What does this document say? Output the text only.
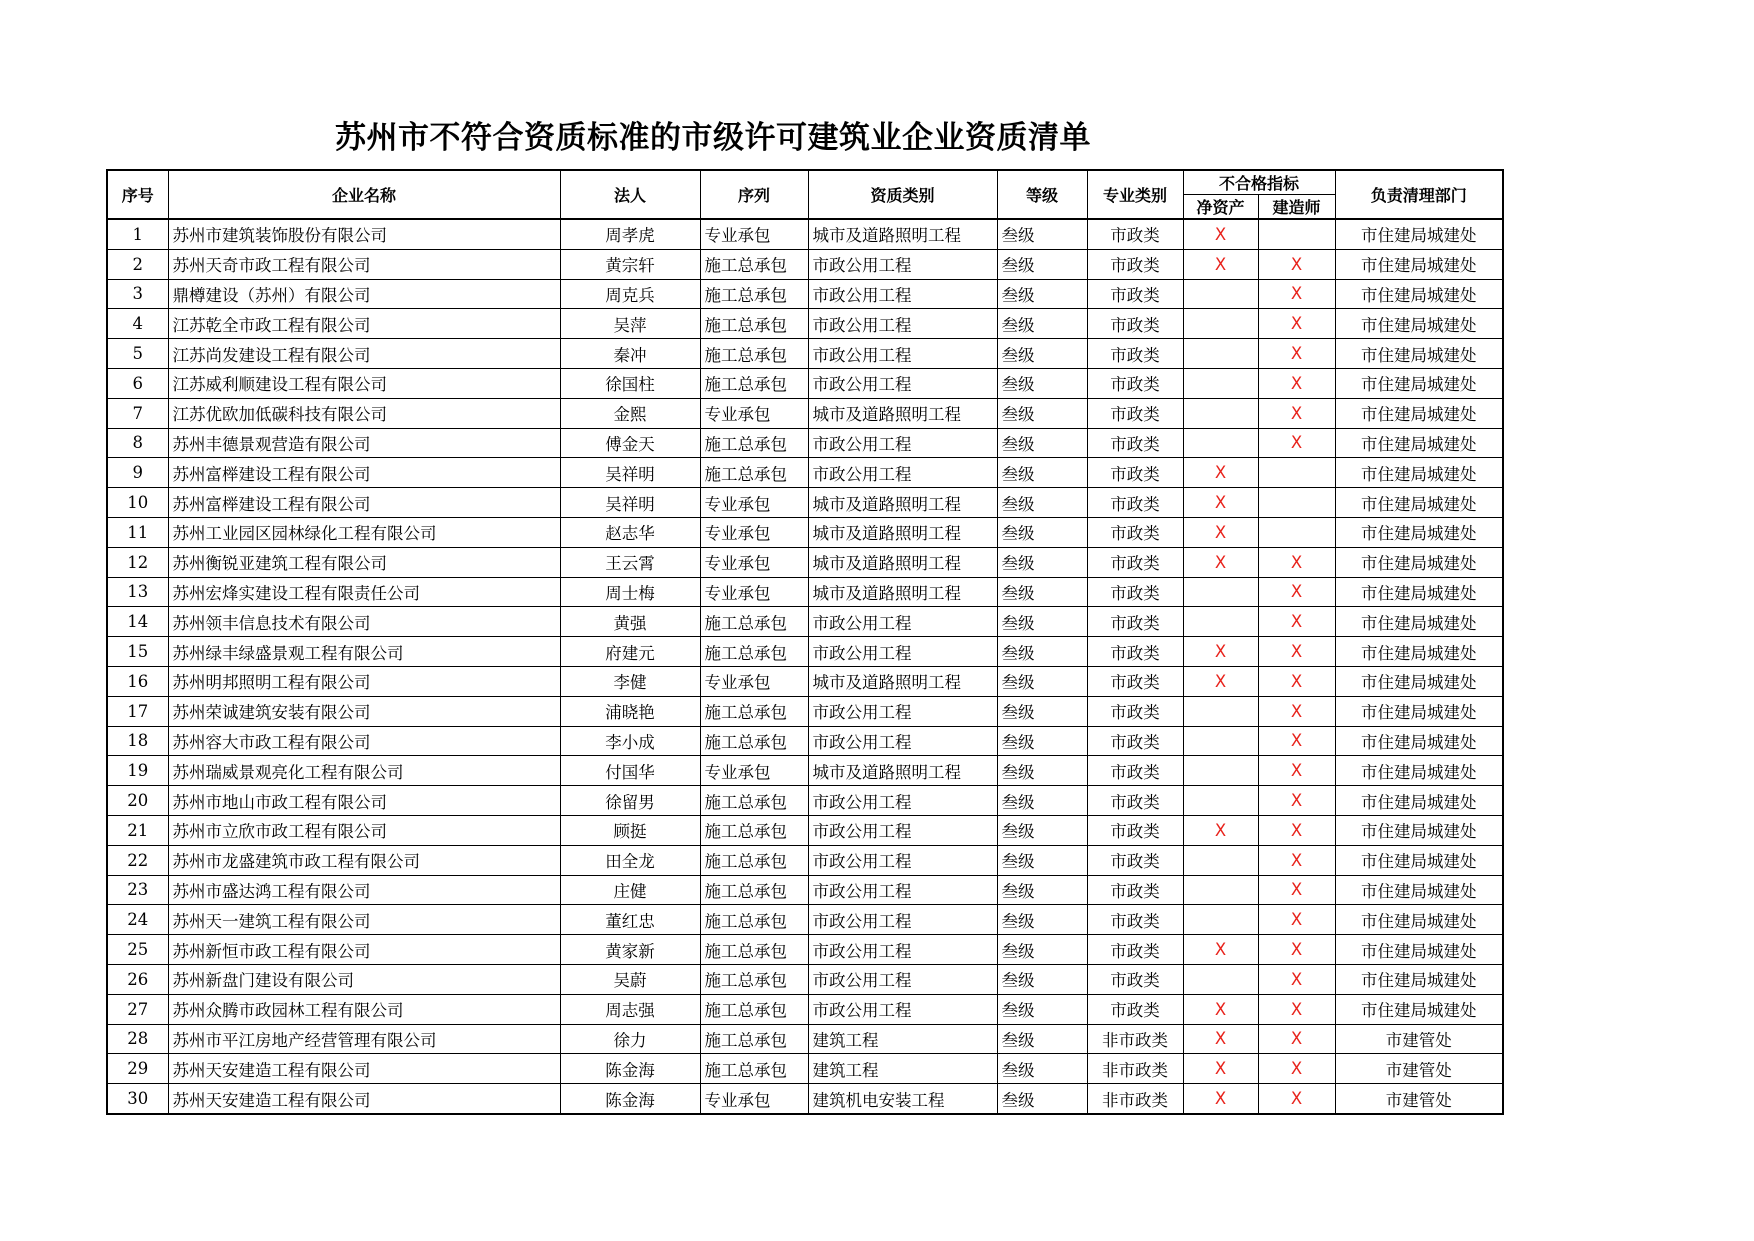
苏州市不符合资质标准的市级许可建筑业企业资质清单
序号	企业名称	法人	序列	资质类别	等级	专业类别	不合格指标		负责清理部门
							净资产	建造师	
1	苏州市建筑装饰股份有限公司	周孝虎	专业承包	城市及道路照明工程	叁级	市政类	X		市住建局城建处
2	苏州天奇市政工程有限公司	黄宗轩	施工总承包	市政公用工程	叁级	市政类	X	X	市住建局城建处
3	鼎樽建设（苏州）有限公司	周克兵	施工总承包	市政公用工程	叁级	市政类		X	市住建局城建处
4	江苏乾全市政工程有限公司	吴萍	施工总承包	市政公用工程	叁级	市政类		X	市住建局城建处
5	江苏尚发建设工程有限公司	秦冲	施工总承包	市政公用工程	叁级	市政类		X	市住建局城建处
6	江苏威利顺建设工程有限公司	徐国柱	施工总承包	市政公用工程	叁级	市政类		X	市住建局城建处
7	江苏优欧加低碳科技有限公司	金熙	专业承包	城市及道路照明工程	叁级	市政类		X	市住建局城建处
8	苏州丰德景观营造有限公司	傅金天	施工总承包	市政公用工程	叁级	市政类		X	市住建局城建处
9	苏州富榉建设工程有限公司	吴祥明	施工总承包	市政公用工程	叁级	市政类	X		市住建局城建处
10	苏州富榉建设工程有限公司	吴祥明	专业承包	城市及道路照明工程	叁级	市政类	X		市住建局城建处
11	苏州工业园区园林绿化工程有限公司	赵志华	专业承包	城市及道路照明工程	叁级	市政类	X		市住建局城建处
12	苏州衡锐亚建筑工程有限公司	王云霄	专业承包	城市及道路照明工程	叁级	市政类	X	X	市住建局城建处
13	苏州宏烽实建设工程有限责任公司	周士梅	专业承包	城市及道路照明工程	叁级	市政类		X	市住建局城建处
14	苏州领丰信息技术有限公司	黄强	施工总承包	市政公用工程	叁级	市政类		X	市住建局城建处
15	苏州绿丰绿盛景观工程有限公司	府建元	施工总承包	市政公用工程	叁级	市政类	X	X	市住建局城建处
16	苏州明邦照明工程有限公司	李健	专业承包	城市及道路照明工程	叁级	市政类	X	X	市住建局城建处
17	苏州荣诚建筑安装有限公司	浦晓艳	施工总承包	市政公用工程	叁级	市政类		X	市住建局城建处
18	苏州容大市政工程有限公司	李小成	施工总承包	市政公用工程	叁级	市政类		X	市住建局城建处
19	苏州瑞威景观亮化工程有限公司	付国华	专业承包	城市及道路照明工程	叁级	市政类		X	市住建局城建处
20	苏州市地山市政工程有限公司	徐留男	施工总承包	市政公用工程	叁级	市政类		X	市住建局城建处
21	苏州市立欣市政工程有限公司	顾挺	施工总承包	市政公用工程	叁级	市政类	X	X	市住建局城建处
22	苏州市龙盛建筑市政工程有限公司	田全龙	施工总承包	市政公用工程	叁级	市政类		X	市住建局城建处
23	苏州市盛达鸿工程有限公司	庄健	施工总承包	市政公用工程	叁级	市政类		X	市住建局城建处
24	苏州天一建筑工程有限公司	董红忠	施工总承包	市政公用工程	叁级	市政类		X	市住建局城建处
25	苏州新恒市政工程有限公司	黄家新	施工总承包	市政公用工程	叁级	市政类	X	X	市住建局城建处
26	苏州新盘门建设有限公司	吴蔚	施工总承包	市政公用工程	叁级	市政类		X	市住建局城建处
27	苏州众腾市政园林工程有限公司	周志强	施工总承包	市政公用工程	叁级	市政类	X	X	市住建局城建处
28	苏州市平江房地产经营管理有限公司	徐力	施工总承包	建筑工程	叁级	非市政类	X	X	市建管处
29	苏州天安建造工程有限公司	陈金海	施工总承包	建筑工程	叁级	非市政类	X	X	市建管处
30	苏州天安建造工程有限公司	陈金海	专业承包	建筑机电安装工程	叁级	非市政类	X	X	市建管处
